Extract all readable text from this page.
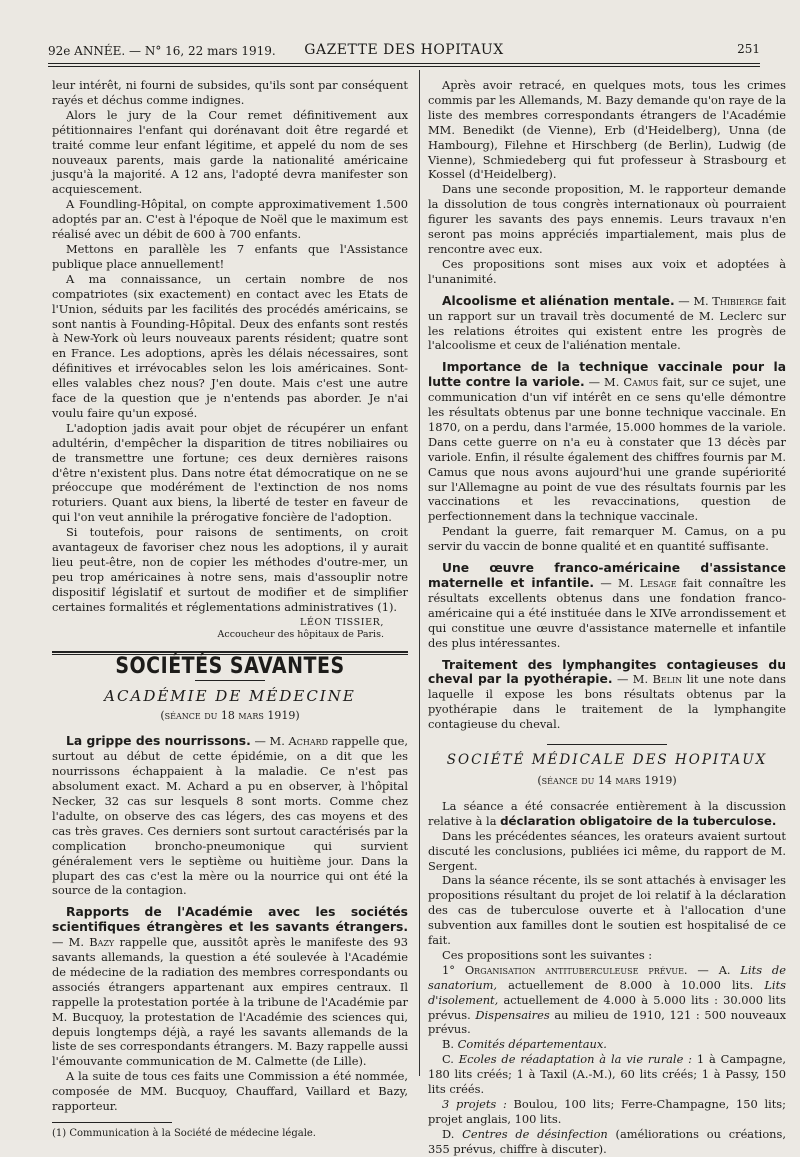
92e ANNÉE. — N° 16, 22 mars 1919.	GAZETTE DES HOPITAUX	251

leur intérêt, ni fourni de subsides, qu'ils sont par conséquent rayés et déchus comme indignes.

Alors le jury de la Cour remet définitivement aux pétitionnaires l'enfant qui dorénavant doit être regardé et traité comme leur enfant légitime, et appelé du nom de ses nouveaux parents, mais garde la nationalité américaine jusqu'à la majorité. A 12 ans, l'adopté devra manifester son acquiescement.

A Foundling-Hôpital, on compte approximativement 1.500 adoptés par an. C'est à l'époque de Noël que le maximum est réalisé avec un débit de 600 à 700 enfants.

Mettons en parallèle les 7 enfants que l'Assistance publique place annuellement!

A ma connaissance, un certain nombre de nos compatriotes (six exactement) en contact avec les Etats de l'Union, séduits par les facilités des procédés américains, se sont nantis à Founding-Hôpital. Deux des enfants sont restés à New-York où leurs nouveaux parents résident; quatre sont en France. Les adoptions, après les délais nécessaires, sont définitives et irrévocables selon les lois américaines. Sont-elles valables chez nous? J'en doute. Mais c'est une autre face de la question que je n'entends pas aborder. Je n'ai voulu faire qu'un exposé.

L'adoption jadis avait pour objet de récupérer un enfant adultérin, d'empêcher la disparition de titres nobiliaires ou de transmettre une fortune; ces deux dernières raisons d'être n'existent plus. Dans notre état démocratique on ne se préoccupe que modérément de l'extinction de nos noms roturiers. Quant aux biens, la liberté de tester en faveur de qui l'on veut annihile la prérogative foncière de l'adoption.

Si toutefois, pour raisons de sentiments, on croit avantageux de favoriser chez nous les adoptions, il y aurait lieu peut-être, non de copier les méthodes d'outre-mer, un peu trop américaines à notre sens, mais d'assouplir notre dispositif législatif et surtout de modifier et de simplifier certaines formalités et réglementations administratives (1).

LÉON TISSIER,
Accoucheur des hôpitaux de Paris.
SOCIÉTÉS SAVANTES
ACADÉMIE DE MÉDECINE
(séance du 18 mars 1919)

La grippe des nourrissons. — M. Achard rappelle que, surtout au début de cette épidémie, on a dit que les nourrissons échappaient à la maladie. Ce n'est pas absolument exact. M. Achard a pu en observer, à l'hôpital Necker, 32 cas sur lesquels 8 sont morts. Comme chez l'adulte, on observe des cas légers, des cas moyens et des cas très graves. Ces derniers sont surtout caractérisés par la complication broncho-pneumonique qui survient généralement vers le septième ou huitième jour. Dans la plupart des cas c'est la mère ou la nourrice qui ont été la source de la contagion.

Rapports de l'Académie avec les sociétés scientifiques étrangères et les savants étrangers. — M. Bazy rappelle que, aussitôt après le manifeste des 93 savants allemands, la question a été soulevée à l'Académie de médecine de la radiation des membres correspondants ou associés étrangers appartenant aux empires centraux. Il rappelle la protestation portée à la tribune de l'Académie par M. Bucquoy, la protestation de l'Académie des sciences qui, depuis longtemps déjà, a rayé les savants allemands de la liste de ses correspondants étrangers. M. Bazy rappelle aussi l'émouvante communication de M. Calmette (de Lille).

A la suite de tous ces faits une Commission a été nommée, composée de MM. Bucquoy, Chauffard, Vaillard et Bazy, rapporteur.

(1) Communication à la Société de médecine légale.

Après avoir retracé, en quelques mots, tous les crimes commis par les Allemands, M. Bazy demande qu'on raye de la liste des membres correspondants étrangers de l'Académie MM. Benedikt (de Vienne), Erb (d'Heidelberg), Unna (de Hambourg), Filehne et Hirschberg (de Berlin), Ludwig (de Vienne), Schmiedeberg qui fut professeur à Strasbourg et Kossel (d'Heidelberg).

Dans une seconde proposition, M. le rapporteur demande la dissolution de tous congrès internationaux où pourraient figurer les savants des pays ennemis. Leurs travaux n'en seront pas moins appréciés impartialement, mais plus de rencontre avec eux.

Ces propositions sont mises aux voix et adoptées à l'unanimité.

Alcoolisme et aliénation mentale. — M. Thibierge fait un rapport sur un travail très documenté de M. Leclerc sur les relations étroites qui existent entre les progrès de l'alcoolisme et ceux de l'aliénation mentale.

Importance de la technique vaccinale pour la lutte contre la variole. — M. Camus fait, sur ce sujet, une communication d'un vif intérêt en ce sens qu'elle démontre les résultats obtenus par une bonne technique vaccinale. En 1870, on a perdu, dans l'armée, 15.000 hommes de la variole. Dans cette guerre on n'a eu à constater que 13 décès par variole. Enfin, il résulte également des chiffres fournis par M. Camus que nous avons aujourd'hui une grande supériorité sur l'Allemagne au point de vue des résultats fournis par les vaccinations et les revaccinations, question de perfectionnement dans la technique vaccinale.

Pendant la guerre, fait remarquer M. Camus, on a pu servir du vaccin de bonne qualité et en quantité suffisante.

Une œuvre franco-américaine d'assistance maternelle et infantile. — M. Lesage fait connaître les résultats excellents obtenus dans une fondation franco-américaine qui a été instituée dans le XIVe arrondissement et qui constitue une œuvre d'assistance maternelle et infantile des plus intéressantes.

Traitement des lymphangites contagieuses du cheval par la pyothérapie. — M. Belin lit une note dans laquelle il expose les bons résultats obtenus par la pyothérapie dans le traitement de la lymphangite contagieuse du cheval.

SOCIÉTÉ MÉDICALE DES HOPITAUX
(séance du 14 mars 1919)

La séance a été consacrée entièrement à la discussion relative à la déclaration obligatoire de la tuberculose.

Dans les précédentes séances, les orateurs avaient surtout discuté les conclusions, publiées ici même, du rapport de M. Sergent.

Dans la séance récente, ils se sont attachés à envisager les propositions résultant du projet de loi relatif à la déclaration des cas de tuberculose ouverte et à l'allocation d'une subvention aux familles dont le soutien est hospitalisé de ce fait.

Ces propositions sont les suivantes :

1° Organisation antituberculeuse prévue. — A. Lits de sanatorium, actuellement de 8.000 à 10.000 lits. Lits d'isolement, actuellement de 4.000 à 5.000 lits : 30.000 lits prévus. Dispensaires au milieu de 1910, 121 : 500 nouveaux prévus.

B. Comités départementaux.

C. Ecoles de réadaptation à la vie rurale : 1 à Campagne, 180 lits créés; 1 à Taxil (A.-M.), 60 lits créés; 1 à Passy, 150 lits créés.

3 projets : Boulou, 100 lits; Ferre-Champagne, 150 lits; projet anglais, 100 lits.

D. Centres de désinfection (améliorations ou créations, 355 prévus, chiffre à discuter).
